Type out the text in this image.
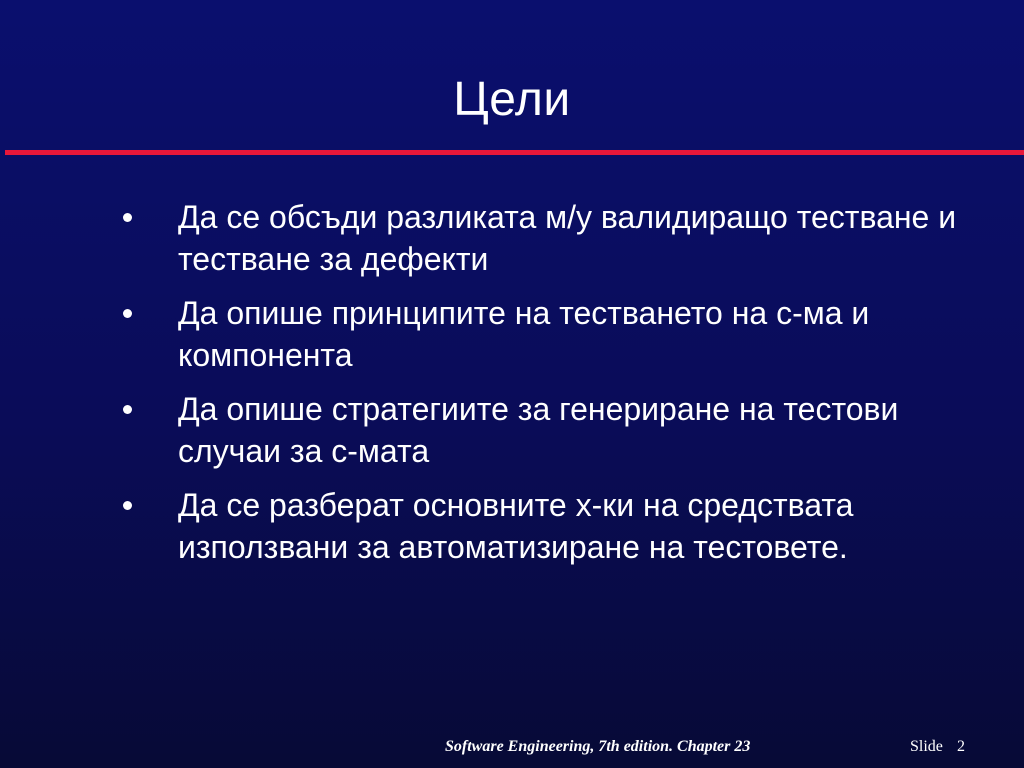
Цели
Да се обсъди разликата м/у валидиращо тестване и тестване за дефекти
Да опише принципите на тестването на с-ма и компонента
Да опише стратегиите за генериране на тестови случаи за с-мата
Да се разберат основните х-ки на средствата използвани за автоматизиране на тестовете.
Software Engineering, 7th edition. Chapter 23	Slide 2
